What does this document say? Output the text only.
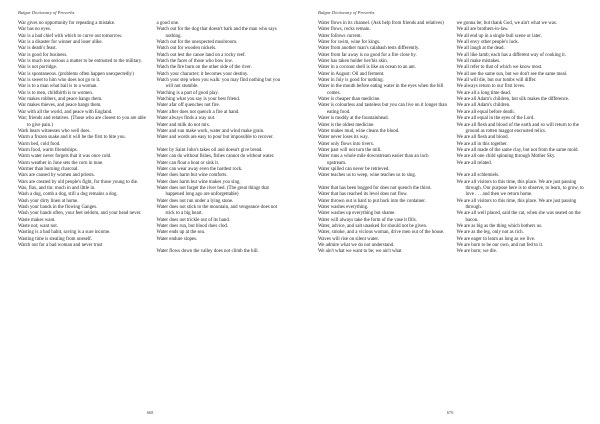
Bulgar Dictionary of Proverbs
War gives no opportunity for repeating a mistake.
War has no eyes.
War is a bad chief with which to curve out tomorrow.
War is a disaster for winner and loser alike.
War is death's feast.
War is good for business.
War is much too serious a matter to be entrusted to the military.
War is not porridge.
War is spontaneous. (problems often happen unexpectedly)
War is sweet to him who does not go to it.
War is to a man what bail is to a woman.
War is to men, childbirth is to women.
War makes robbers, and peace hangs them.
War makes thieves, and peace hangs them.
War with all the world, and peace with England.
War; friends and relatives. (Those who are closest to you are able to give pain.)
Wark bears witnesses who well does.
Warm a frozen snake and it will be the first to bite you.
Warm bed, cold food.
Warm food, warm friendships.
Warm water never forgets that it was once cold.
Warm weather in June sets the corn in tune.
Warmer than burning charcoal.
Wars are caused by women and priests.
Wars are created by old people's fight, for those young to die.
Was, flax, and tin: much in and little in.
Wash a dog, comb a dog, still a dog remains a dog.
Wash your dirty linen at home.
Wash your hands in the flowing Ganges.
Wash your hands often, your feet seldom, and your head never.
Waste makes want.
Waste not, want not.
Wasting is a bad habit, saving is a sure income.
Wasting time is stealing from oneself.
Watch out for a bad woman and never trust
a good one.
Watch out for the dog that doesn't bark and the man who says nothing.
Watch out for the unexpected mushroom.
Watch out for wooden nickels.
Watch out lest the canoe land on a rocky reef.
Watch the faces of those who bow low.
Watch the fire burn on the other side of the river.
Watch your character; it becomes your destiny.
Watch your step when you walk: you may find nothing but you will not stumble.
Watching is a part of good play.
Watching what you say is your best friend.
Water afar off quenches not fire.
Water after does not quench a fire at hand.
Water always finds a way out.
Water and milk do not mix.
Water and sun make work, water and wind make grain.
Water and words are easy to pour but impossible to recover.
Water by Saint John's takes oil and doesn't give bread.
Water can do without fishes, fishes cannot do without water.
Water can float a boat or sink it.
Water can wear away even the hardest rock.
Water does harm but wine comforts.
Water does harm but wine makes you sing.
Water does not forget the river bed. (The great things that happened long ago are unforgettable)
Water does not run under a lying stone.
Water does not stick to the mountain, and vengeance does not stick to a big heart.
Water does not trickle out of its hand.
Water does run, but blood does clod.
Water ends up at the sea.
Water endure slopes.
Water flows down the valley does not climb the hill.
668
Bulgar Dictionary of Proverbs
Water flows in its channel. (Ask help from friends and relatives)
Water flows, rocks remain.
Water follows current.
Water for swim, wine for kings.
Water from another man's calabash tests differently.
Water from far away is no good for a fire close by.
Water has taken holder her/his skin.
Water in a coconut shell is like an ocean to an ant.
Water in August: Oil and ferment.
Water in July is good for nothing.
Water in the mouth before eating water in the eyes when the bill comes.
Water is cheaper than medicine.
Water is colourless and tasteless but you can live on it longer than eating food.
Water is muddy at the fountainhead.
Water is the oldest medicine.
Water makes mud, wine cleans the blood.
Water never loses its way.
Water only flows into rivers.
Water past will not turn the mill.
Water runs a whole mile downstream easier than an inch upstream.
Water spilled can never be retrieved.
Water teaches us to weep, wine teaches us to sing.
Water that has been bogged for does not quench the thirst.
Water that has reached its level does not flow.
Water thrown out is hard to put back into the container.
Water washes everything.
Water washes up everything but shame.
Water will always take the form of the vase it fills.
Water, advice, and salt unasked for should not be given.
Water, smoke, and a vicious woman, drive men out of the house.
Waves will rise on silent water.
We admire what we do not understand.
We ain't what we want to be; we ain't what
we gonna be; but thank God, we ain't what we was.
We all are brothers-in-law.
We all end up in a single bull scene or later.
We all envy other people's luck.
We all laugh at the dead.
We all like lamb; each has a different way of cooking it.
We all make mistakes.
We all refer to that of which we know most.
We all see the same sun, but we don't see the same meal.
We all will die, but our tombs will differ.
We always return to our first loves.
We are all a long time dead.
We are all Adam's children, but silk makes the difference.
We are all Adam's children.
We are all equal before death.
We are all equal in the eyes of the Lord.
We are all flesh and blood of the earth and so will return to the ground as rotten maggot encrusted relics.
We are all flesh and blood.
We are all in this together.
We are all made of the same clay, but not from the same mold.
We are all one child spinning through Mother Sky.
We are all related.
We are all schlemiels.
We are all visitors to this time, this place. We are just passing through. Our purpose here is to observe, to learn, to grow, to love . . . and then we return home.
We are all visitors to this time, this place. We are just passing through.
We are all well placed, said the cat, when she was seated on the bacon.
We are as big as the thing which bothers us.
We are as the leg, only not as rich.
We are eager to learn as long as we live.
We are born to be our own, and not fed to it.
We are born; we die.
670
